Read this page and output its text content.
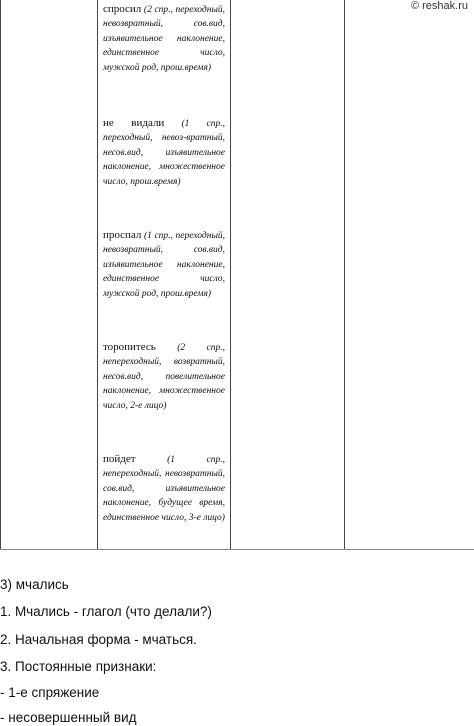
спросил (2 спр., переходный, невозвратный, сов.вид, изъявительное наклонение, единственное число, мужской род, прош.время)

не видали (1 спр., переходный, невоз-вратный, несов.вид, изъявительное наклонение, множественное число, прош.время)

проспал (1 спр., переходный, невозвратный, сов.вид, изъявительное наклонение, единственное число, мужской род, прош.время)

торопитесь (2 спр., непереходный, возвратный, несов.вид, повелительное наклонение, множественное число, 2-е лицо)

пойдет	(1 спр., непереходный, невозвратный, сов.вид, изъявительное наклонение, будущее время, единственное число, 3-е лицо)

© reshak.ru
3) мчались
1. Мчались - глагол (что делали?)
2. Начальная форма - мчаться.
3. Постоянные признаки:
- 1-е спряжение
- несовершенный вид
